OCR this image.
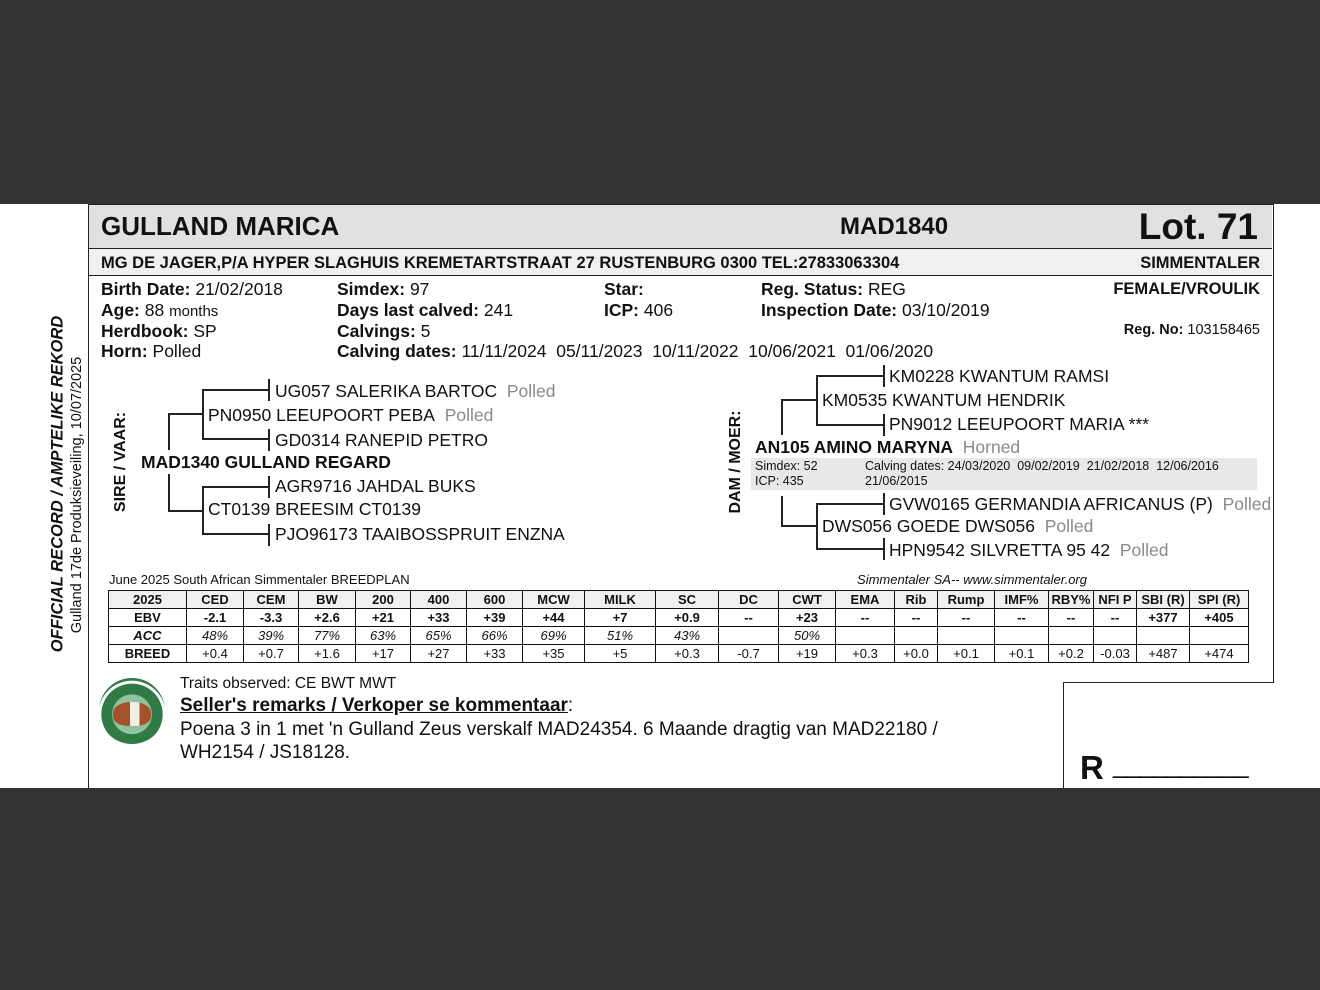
GULLAND MARICA	MAD1840	Lot. 71
MG DE JAGER,P/A HYPER SLAGHUIS KREMETARTSTRAAT 27 RUSTENBURG 0300 TEL:27833063304	SIMMENTALER
OFFICIAL RECORD / AMPTELIKE REKORD Gulland 17de Produksieveiling, 10/07/2025
Birth Date: 21/02/2018
Age: 88 months
Herdbook: SP
Horn: Polled
Simdex: 97
Days last calved: 241
Calvings: 5
Calving dates: 11/11/2024  05/11/2023  10/11/2022  10/06/2021  01/06/2020
Star:
ICP: 406
Reg. Status: REG
Inspection Date: 03/10/2019
FEMALE/VROULIK
Reg. No: 103158465
SIRE / VAAR:
UG057 SALERIKA BARTOC Polled
PN0950 LEEUPOORT PEBA Polled
GD0314 RANEPID PETRO
MAD1340 GULLAND REGARD
AGR9716 JAHDAL BUKS
CT0139 BREESIM CT0139
PJO96173 TAAIBOSSPRUIT ENZNA
DAM / MOER:
KM0228 KWANTUM RAMSI
KM0535 KWANTUM HENDRIK
PN9012 LEEUPOORT MARIA ***
AN105 AMINO MARYNA Horned
Simdex: 52
ICP: 435
Calving dates: 24/03/2020  09/02/2019  21/02/2018  12/06/2016
21/06/2015
GVW0165 GERMANDIA AFRICANUS (P) Polled
DWS056 GOEDE DWS056 Polled
HPN9542 SILVRETTA 95 42 Polled
June 2025 South African Simmentaler BREEDPLAN	Simmentaler SA-- www.simmentaler.org
2025	CED	CEM	BW	200	400	600	MCW	MILK	SC	DC	CWT	EMA	Rib	Rump	IMF%	RBY%	NFI P	SBI (R)	SPI (R)
EBV	-2.1	-3.3	+2.6	+21	+33	+39	+44	+7	+0.9	--	+23	--	--	--	--	--	--	+377	+405
ACC	48%	39%	77%	63%	65%	66%	69%	51%	43%		50%								
BREED	+0.4	+0.7	+1.6	+17	+27	+33	+35	+5	+0.3	-0.7	+19	+0.3	+0.0	+0.1	+0.1	+0.2	-0.03	+487	+474
Traits observed: CE BWT MWT
Seller's remarks / Verkoper se kommentaar:
Poena 3 in 1 met 'n Gulland Zeus verskalf MAD24354. 6 Maande dragtig van MAD22180 /
WH2154 / JS18128.	R __________
